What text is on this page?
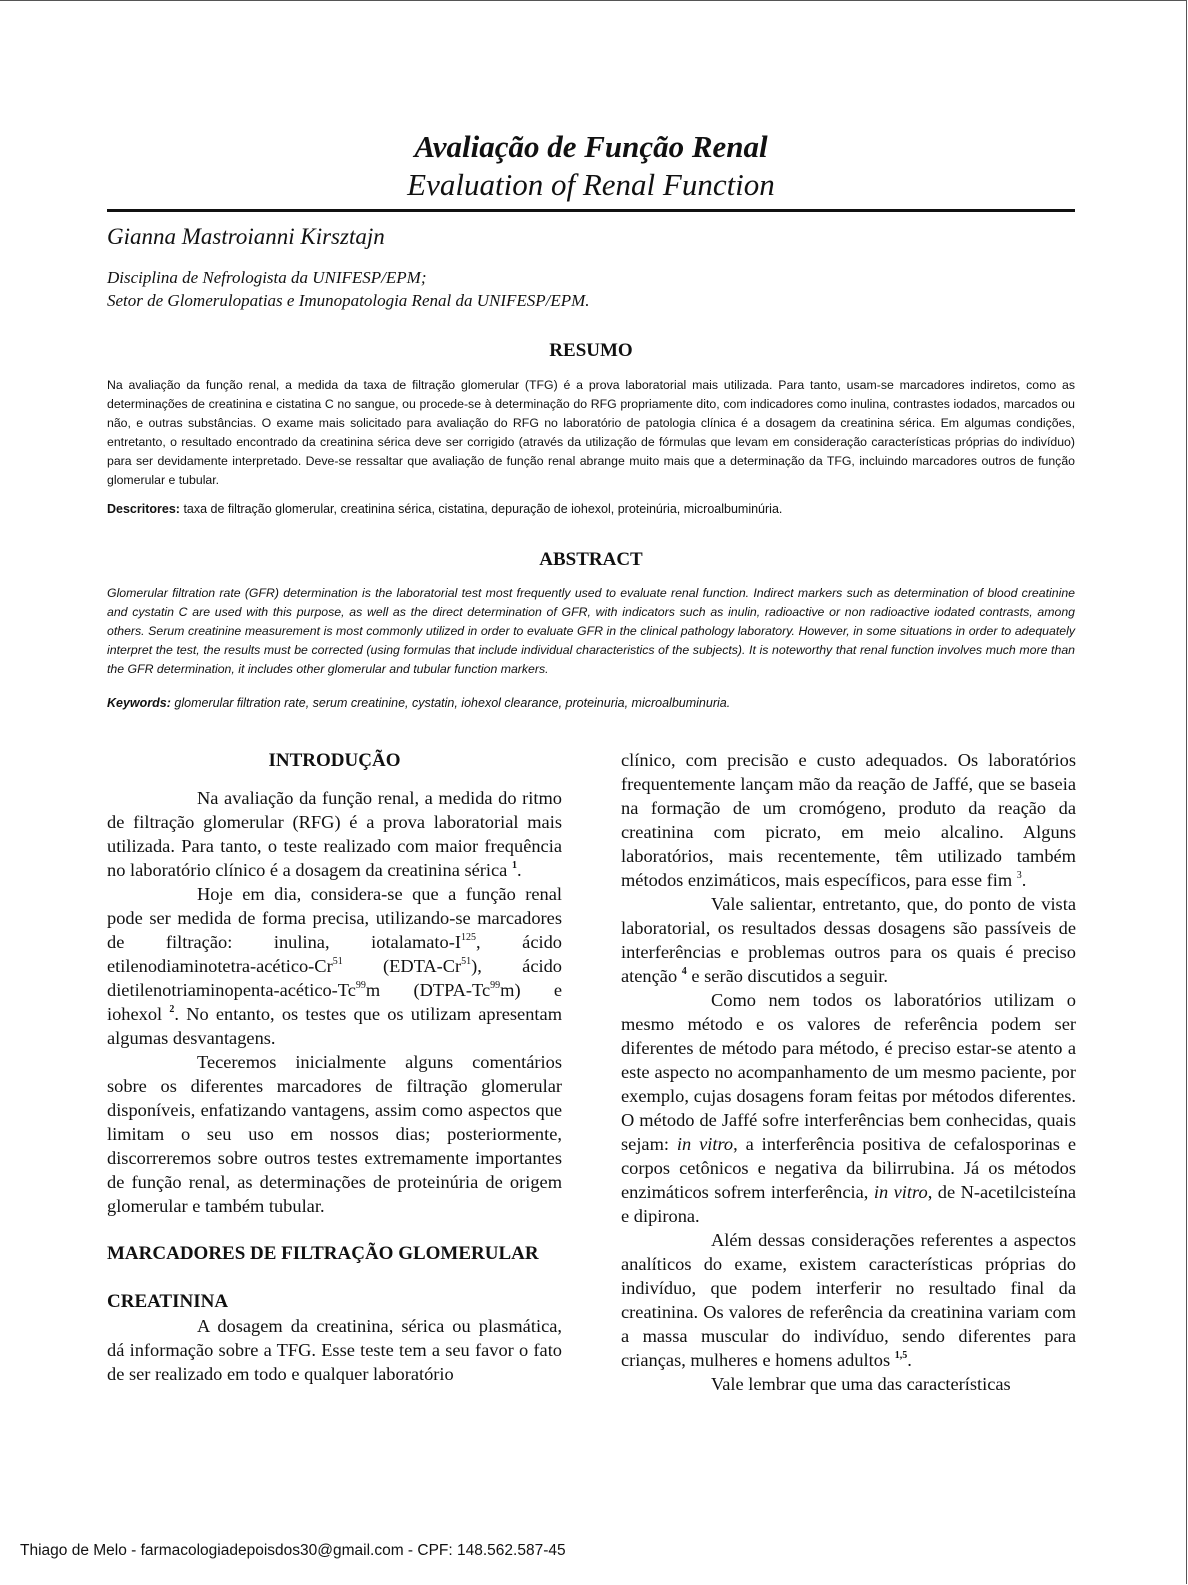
Avaliação de Função Renal
Evaluation of Renal Function
Gianna Mastroianni Kirsztajn
Disciplina de Nefrologista da UNIFESP/EPM;
Setor de Glomerulopatias e Imunopatologia Renal da UNIFESP/EPM.
RESUMO
Na avaliação da função renal, a medida da taxa de filtração glomerular (TFG) é a prova laboratorial mais utilizada. Para tanto, usam-se marcadores indiretos, como as determinações de creatinina e cistatina C no sangue, ou procede-se à determinação do RFG propriamente dito, com indicadores como inulina, contrastes iodados, marcados ou não, e outras substâncias. O exame mais solicitado para avaliação do RFG no laboratório de patologia clínica é a dosagem da creatinina sérica. Em algumas condições, entretanto, o resultado encontrado da creatinina sérica deve ser corrigido (através da utilização de fórmulas que levam em consideração características próprias do indivíduo) para ser devidamente interpretado. Deve-se ressaltar que avaliação de função renal abrange muito mais que a determinação da TFG, incluindo marcadores outros de função glomerular e tubular.
Descritores: taxa de filtração glomerular, creatinina sérica, cistatina, depuração de iohexol, proteinúria, microalbuminúria.
ABSTRACT
Glomerular filtration rate (GFR) determination is the laboratorial test most frequently used to evaluate renal function. Indirect markers such as determination of blood creatinine and cystatin C are used with this purpose, as well as the direct determination of GFR, with indicators such as inulin, radioactive or non radioactive iodated contrasts, among others. Serum creatinine measurement is most commonly utilized in order to evaluate GFR in the clinical pathology laboratory. However, in some situations in order to adequately interpret the test, the results must be corrected (using formulas that include individual characteristics of the subjects). It is noteworthy that renal function involves much more than the GFR determination, it includes other glomerular and tubular function markers.
Keywords: glomerular filtration rate, serum creatinine, cystatin, iohexol clearance, proteinuria, microalbuminuria.
INTRODUÇÃO

Na avaliação da função renal, a medida do ritmo de filtração glomerular (RFG) é a prova laboratorial mais utilizada. Para tanto, o teste realizado com maior frequência no laboratório clínico é a dosagem da creatinina sérica $^1$.

Hoje em dia, considera-se que a função renal pode ser medida de forma precisa, utilizando-se marcadores de filtração: inulina, iotalamato-$I^{125}$, ácido etilenodiaminotetra-acético-Cr$^{51}$ (EDTA-Cr$^{51}$), ácido dietilenotriaminopenta-acético-Tc$^{99}$m (DTPA-Tc$^{99}$m) e iohexol $^2$. No entanto, os testes que os utilizam apresentam algumas desvantagens.

Teceremos inicialmente alguns comentários sobre os diferentes marcadores de filtração glomerular disponíveis, enfatizando vantagens, assim como aspectos que limitam o seu uso em nossos dias; posteriormente, discorreremos sobre outros testes extremamente importantes de função renal, as determinações de proteinúria de origem glomerular e também tubular.

MARCADORES DE FILTRAÇÃO GLOMERULAR

CREATININA

A dosagem da creatinina, sérica ou plasmática, dá informação sobre a TFG. Esse teste tem a seu favor o fato de ser realizado em todo e qualquer laboratório

clínico, com precisão e custo adequados. Os laboratórios frequentemente lançam mão da reação de Jaffé, que se baseia na formação de um cromógeno, produto da reação da creatinina com picrato, em meio alcalino. Alguns laboratórios, mais recentemente, têm utilizado também métodos enzimáticos, mais específicos, para esse fim $^3$.

Vale salientar, entretanto, que, do ponto de vista laboratorial, os resultados dessas dosagens são passíveis de interferências e problemas outros para os quais é preciso atenção $^4$ e serão discutidos a seguir.

Como nem todos os laboratórios utilizam o mesmo método e os valores de referência podem ser diferentes de método para método, é preciso estar-se atento a este aspecto no acompanhamento de um mesmo paciente, por exemplo, cujas dosagens foram feitas por métodos diferentes. O método de Jaffé sofre interferências bem conhecidas, quais sejam: in vitro, a interferência positiva de cefalosporinas e corpos cetônicos e negativa da bilirrubina. Já os métodos enzimáticos sofrem interferência, in vitro, de N-acetilcisteína e dipirona.

Além dessas considerações referentes a aspectos analíticos do exame, existem características próprias do indivíduo, que podem interferir no resultado final da creatinina. Os valores de referência da creatinina variam com a massa muscular do indivíduo, sendo diferentes para crianças, mulheres e homens adultos $^{1,5}$.

Vale lembrar que uma das características

Thiago de Melo - farmacologiadepoisdos30@gmail.com - CPF: 148.562.587-45
